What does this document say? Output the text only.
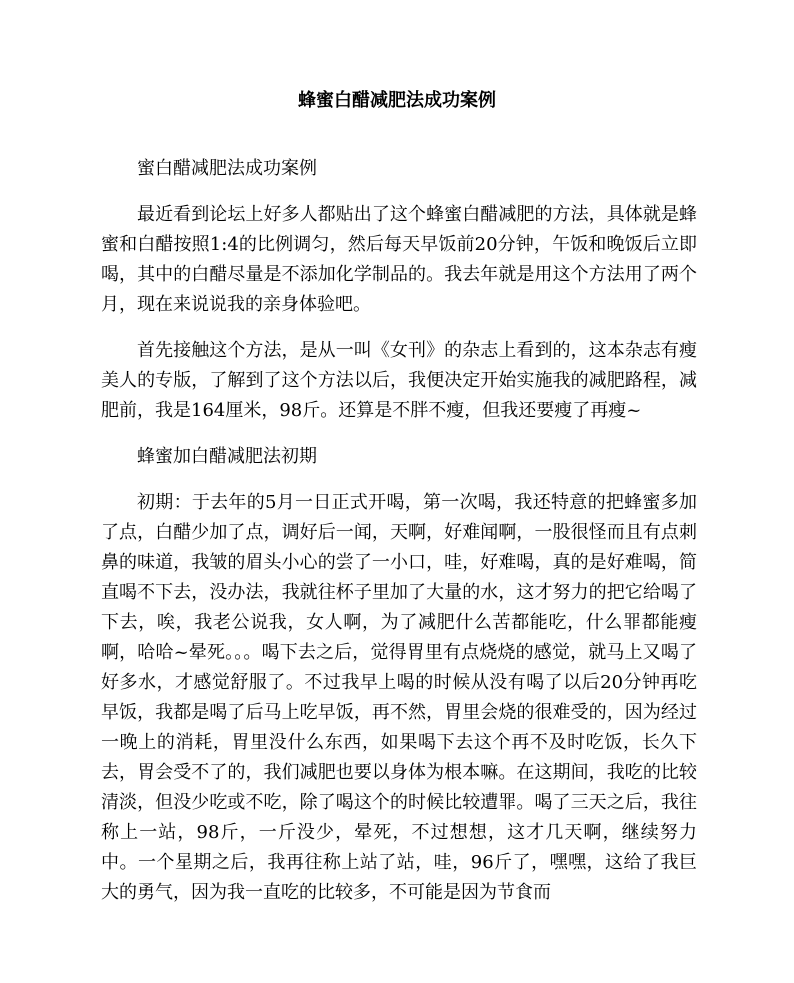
蜂蜜白醋减肥法成功案例

蜜白醋减肥法成功案例

最近看到论坛上好多人都贴出了这个蜂蜜白醋减肥的方法，具体就是蜂蜜和白醋按照1:4的比例调匀，然后每天早饭前20分钟，午饭和晚饭后立即喝，其中的白醋尽量是不添加化学制品的。我去年就是用这个方法用了两个月，现在来说说我的亲身体验吧。

首先接触这个方法，是从一叫《女刊》的杂志上看到的，这本杂志有瘦美人的专版，了解到了这个方法以后，我便决定开始实施我的减肥路程，减肥前，我是164厘米，98斤。还算是不胖不瘦，但我还要瘦了再瘦~

蜂蜜加白醋减肥法初期

初期：于去年的5月一日正式开喝，第一次喝，我还特意的把蜂蜜多加了点，白醋少加了点，调好后一闻，天啊，好难闻啊，一股很怪而且有点刺鼻的味道，我皱的眉头小心的尝了一小口，哇，好难喝，真的是好难喝，简直喝不下去，没办法，我就往杯子里加了大量的水，这才努力的把它给喝了下去，唉，我老公说我，女人啊，为了减肥什么苦都能吃，什么罪都能瘦啊，哈哈~晕死。。。喝下去之后，觉得胃里有点烧烧的感觉，就马上又喝了好多水，才感觉舒服了。不过我早上喝的时候从没有喝了以后20分钟再吃早饭，我都是喝了后马上吃早饭，再不然，胃里会烧的很难受的，因为经过一晚上的消耗，胃里没什么东西，如果喝下去这个再不及时吃饭，长久下去，胃会受不了的，我们减肥也要以身体为根本嘛。在这期间，我吃的比较清淡，但没少吃或不吃，除了喝这个的时候比较遭罪。喝了三天之后，我往称上一站，98斤，一斤没少，晕死，不过想想，这才几天啊，继续努力中。一个星期之后，我再往称上站了站，哇，96斤了，嘿嘿，这给了我巨大的勇气，因为我一直吃的比较多，不可能是因为节食而
